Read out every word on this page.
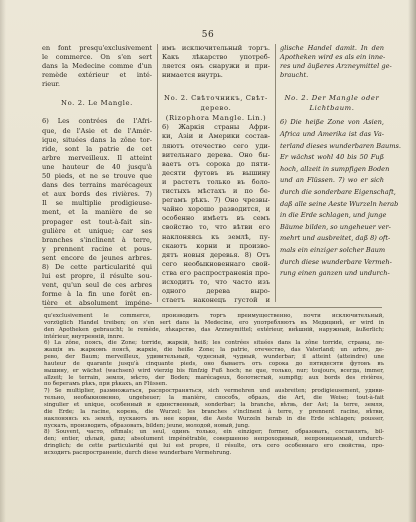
56
en font presqu'exclusivement
le commerce. On s'en sert
dans la Medecine comme d'un
remède extérieur et inté-
rieur.
No. 2. Le Mangle.
6) Les contrées de l'Afri-
que, de l'Asie et de l'Amér-
ique, situées dans la zône tor-
ride, sont la patrie de cet
arbre merveilleux. Il atteint
une hauteur de 40 jusqu'à
50 pieds, et ne se trouve que
dans des terrains marécageux
et aux bords des rivières. 7)
Il se multiplie prodigieuse-
ment, et la manière de se
propager est tout-à-fait sin-
gulière et unique; car ses
branches s'inclinent à terre,
y prennent racine et pous-
sent encore de jeunes arbres.
8) De cette particularité qui
lui est propre, il résulte sou-
vent, qu'un seul de ces arbres
forme à la fin une forêt en-
tière et absolument impéne-
имъ исключительный торгъ.
Какъ лѣкарство употреб-
ляется онъ снаружи и при-
нимается внутрь.
No. 2. Свѣточникъ, Свѣт-
дерево.
(Rizophora Mangle. Lin.)
6) Жаркія страны Афри-
ки, Азіи и Америки состав-
ляютъ отечество сего уди-
вительнаго дерева. Оно бы-
ваетъ отъ сорока до пяти-
десяти футовъ въ вышину
и растетъ только въ боло-
тистыхъ мѣстахъ и по бе-
регамъ рѣкъ. 7) Оно чрезвы-
чайно хорошо разводится, и
особенно имѣетъ въ семъ
свойство то, что вѣтви его
наклоняясь къ землѣ, пу-
скаютъ корни и произво-
дятъ новыя деревья. 8) Отъ
сего необыкновеннаго свой-
ства его распространенія про-
исходитъ то, что часто изъ
одного дерева выро-
стаетъ наконецъ густой и
glische Handel damit. In den
Apotheken wird es als ein inne-
res und äußeres Arzneymittel ge-
braucht.
No. 2. Der Mangle oder
Lichtbaum.
6) Die heiße Zone von Asien,
Africa und Amerika ist das Va-
terland dieses wunderbaren Baums.
Er wächst wohl 40 bis 50 Fuß
hoch, allzeit in sumpfigen Boden
und an Flüssen. 7) wo er sich
durch die sonderbare Eigenschaft,
daß alle seine Aeste Wurzeln herab
in die Erde schlagen, und junge
Bäume bilden, so ungeheuer ver-
mehrt und ausbreitet, daß 8) oft-
mals ein einziger solcher Baum
durch diese wunderbare Vermeh-
rung einen ganzen und undurch-
qu'exclusivement le commerce, производить торгъ преимущественно, почти исключительный,
vorzüglich Handel treiben; on s'en sert dans la Medecine, его употребляютъ въ Медицинѣ, er wird in
den Apotheken gebraucht; le remède, лѣкарство, das Arzneymittel; extérieur, внѣшній, наружный, äußerlich;
intérieur, внутренній, innre.
6) La zône, поясъ, die Zone; torride, жаркій, heiß; les contrées situées dans la zône torride, страны, ле-
жащія въ жаркомъ поясѣ, жаркіе, die heiße Zone; la patrie, отечество, das Vaterland; un arbre, де-
рево, der Baum; merveilleux, удивительный, чудесный, чудный, wunderbar; il atteint (atteindre) une
hauteur de quarante jusqu'à cinquante pieds, оно бываетъ отъ сорока до пятидесяти футовъ въ
вышину, er wächst (wachsen) wird vierzig bis fünfzig Fuß hoch; ne que, только, nur; toujours, всегда, immer,
allzeit; le terrain, земля, мѣсто, der Boden; marécageux, болотистый, sumpfig; aux bords des rivières,
по берегамъ рѣкъ, при рѣкахъ, an Flüssen.
7) Se multiplier, размножаться, распространяться, sich vermehren und ausbreiten; prodigieusement, удиви-
тельно, необыкновенно, ungeheuer; la manière, способъ, образъ, die Art, die Weise; tout-à-fait
singulier et unique, особенный и единственный, sonderbar; la branche, вѣтвь, der Ast; la terre, земля,
die Erde; la racine, корень, die Wurzel; les branches s'inclinent à terre, y prennent racine, вѣтви,
наклоняясь къ землѣ, пускаютъ въ нее корни, die Aeste Wurzeln herab in die Erde schlagen; pousser,
пускать, производить, образовать, bilden; jeune, молодой, новый, jung.
8) Souvent, часто, oftmals; un seul, одинъ только, ein einziger; former, образовать, составлять, bil-
den; entier, цѣлый, ganz; absolument impénétrable, совершенно непроходимый, непроницаемый, undurch-
dringlich; de cette particularité qui lui est propre, il résulte, отъ сего особеннаго его свойства, про-
исходитъ распространеніе, durch diese wunderbare Vermehrung.
